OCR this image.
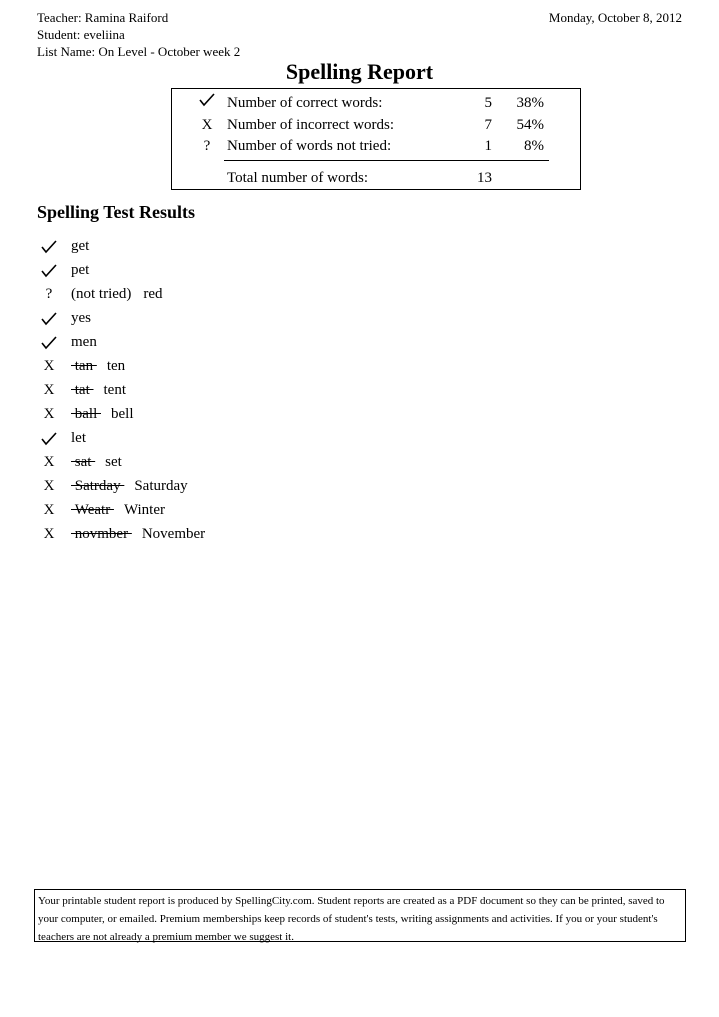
Teacher: Ramina Raiford
Student: eveliina
List Name: On Level - October week 2
Monday, October 8, 2012
Spelling Report
Number of correct words:	5	38%
X Number of incorrect words:	7	54%
?	Number of words not tried:	1	8%
Total number of words:	13
Spelling Test Results
get
pet
? (not tried) red
yes
men
X tan ten
X tat tent
X ball bell
let
X sat set
X Satrday Saturday
X Weatr Winter
X novmber November
Your printable student report is produced by SpellingCity.com. Student reports are created as a PDF document so they can be printed, saved to your computer, or emailed. Premium memberships keep records of student's tests, writing assignments and activities. If you or your student's teachers are not already a premium member we suggest it.
